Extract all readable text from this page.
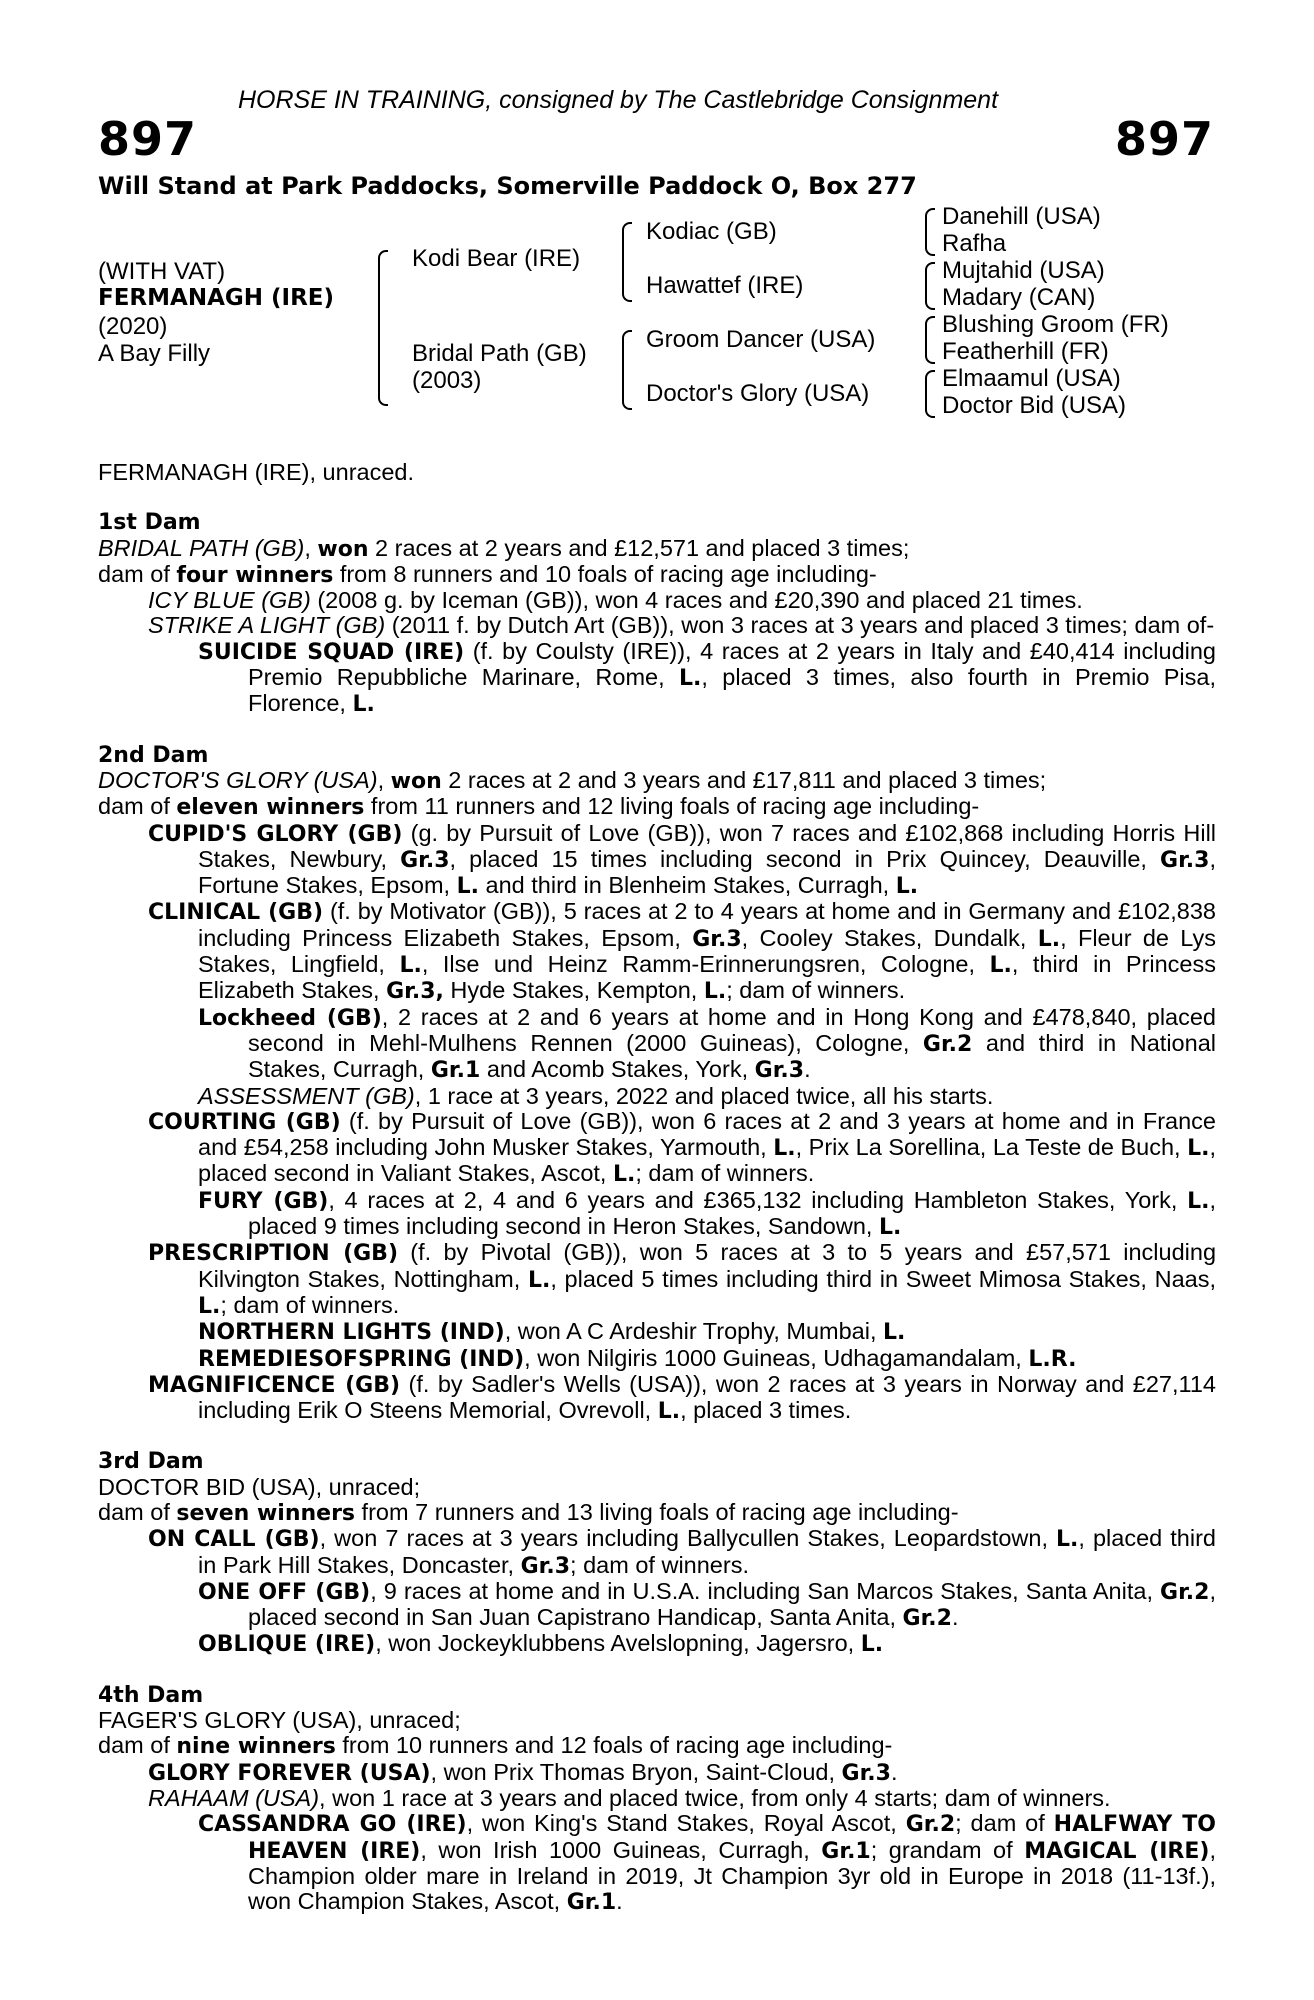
HORSE IN TRAINING, consigned by The Castlebridge Consignment
897	897
Will Stand at Park Paddocks, Somerville Paddock O, Box 277
(WITH VAT)
FERMANAGH (IRE)
(2020)
A Bay Filly
Kodi Bear (IRE)
Bridal Path (GB)
(2003)
Kodiac (GB)
Hawattef (IRE)
Groom Dancer (USA)
Doctor's Glory (USA)
Danehill (USA)
Rafha
Mujtahid (USA)
Madary (CAN)
Blushing Groom (FR)
Featherhill (FR)
Elmaamul (USA)
Doctor Bid (USA)

FERMANAGH (IRE), unraced.

1st Dam

BRIDAL PATH (GB), won 2 races at 2 years and £12,571 and placed 3 times;

dam of four winners from 8 runners and 10 foals of racing age including-

ICY BLUE (GB) (2008 g. by Iceman (GB)), won 4 races and £20,390 and placed 21 times.

STRIKE A LIGHT (GB) (2011 f. by Dutch Art (GB)), won 3 races at 3 years and placed 3 times; dam of-

SUICIDE SQUAD (IRE) (f. by Coulsty (IRE)), 4 races at 2 years in Italy and £40,414 including Premio Repubbliche Marinare, Rome, L., placed 3 times, also fourth in Premio Pisa, Florence, L.

2nd Dam

DOCTOR'S GLORY (USA), won 2 races at 2 and 3 years and £17,811 and placed 3 times;

dam of eleven winners from 11 runners and 12 living foals of racing age including-

CUPID'S GLORY (GB) (g. by Pursuit of Love (GB)), won 7 races and £102,868 including Horris Hill Stakes, Newbury, Gr.3, placed 15 times including second in Prix Quincey, Deauville, Gr.3, Fortune Stakes, Epsom, L. and third in Blenheim Stakes, Curragh, L.

CLINICAL (GB) (f. by Motivator (GB)), 5 races at 2 to 4 years at home and in Germany and £102,838 including Princess Elizabeth Stakes, Epsom, Gr.3, Cooley Stakes, Dundalk, L., Fleur de Lys Stakes, Lingfield, L., Ilse und Heinz Ramm-Erinnerungsren, Cologne, L., third in Princess Elizabeth Stakes, Gr.3, Hyde Stakes, Kempton, L.; dam of winners.

Lockheed (GB), 2 races at 2 and 6 years at home and in Hong Kong and £478,840, placed second in Mehl-Mulhens Rennen (2000 Guineas), Cologne, Gr.2 and third in National Stakes, Curragh, Gr.1 and Acomb Stakes, York, Gr.3.

ASSESSMENT (GB), 1 race at 3 years, 2022 and placed twice, all his starts.

COURTING (GB) (f. by Pursuit of Love (GB)), won 6 races at 2 and 3 years at home and in France and £54,258 including John Musker Stakes, Yarmouth, L., Prix La Sorellina, La Teste de Buch, L., placed second in Valiant Stakes, Ascot, L.; dam of winners.

FURY (GB), 4 races at 2, 4 and 6 years and £365,132 including Hambleton Stakes, York, L., placed 9 times including second in Heron Stakes, Sandown, L.

PRESCRIPTION (GB) (f. by Pivotal (GB)), won 5 races at 3 to 5 years and £57,571 including Kilvington Stakes, Nottingham, L., placed 5 times including third in Sweet Mimosa Stakes, Naas, L.; dam of winners.

NORTHERN LIGHTS (IND), won A C Ardeshir Trophy, Mumbai, L.

REMEDIESOFSPRING (IND), won Nilgiris 1000 Guineas, Udhagamandalam, L.R.

MAGNIFICENCE (GB) (f. by Sadler's Wells (USA)), won 2 races at 3 years in Norway and £27,114 including Erik O Steens Memorial, Ovrevoll, L., placed 3 times.

3rd Dam

DOCTOR BID (USA), unraced;

dam of seven winners from 7 runners and 13 living foals of racing age including-

ON CALL (GB), won 7 races at 3 years including Ballycullen Stakes, Leopardstown, L., placed third in Park Hill Stakes, Doncaster, Gr.3; dam of winners.

ONE OFF (GB), 9 races at home and in U.S.A. including San Marcos Stakes, Santa Anita, Gr.2, placed second in San Juan Capistrano Handicap, Santa Anita, Gr.2.

OBLIQUE (IRE), won Jockeyklubbens Avelslopning, Jagersro, L.

4th Dam

FAGER'S GLORY (USA), unraced;

dam of nine winners from 10 runners and 12 foals of racing age including-

GLORY FOREVER (USA), won Prix Thomas Bryon, Saint-Cloud, Gr.3.

RAHAAM (USA), won 1 race at 3 years and placed twice, from only 4 starts; dam of winners.

CASSANDRA GO (IRE), won King's Stand Stakes, Royal Ascot, Gr.2; dam of HALFWAY TO HEAVEN (IRE), won Irish 1000 Guineas, Curragh, Gr.1; grandam of MAGICAL (IRE), Champion older mare in Ireland in 2019, Jt Champion 3yr old in Europe in 2018 (11-13f.), won Champion Stakes, Ascot, Gr.1.
